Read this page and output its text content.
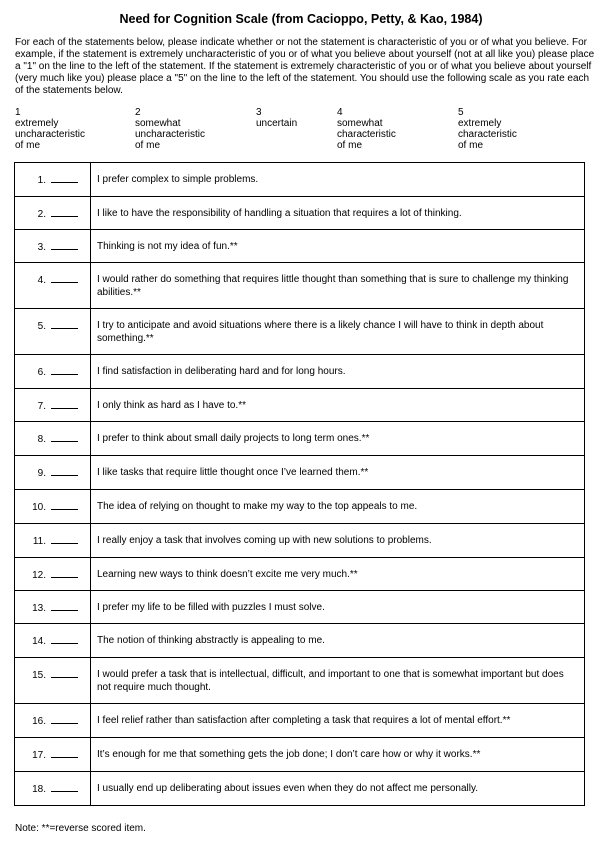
Need for Cognition Scale (from Cacioppo, Petty, & Kao, 1984)
For each of the statements below, please indicate whether or not the statement is characteristic of you or of what you believe. For example, if the statement is extremely uncharacteristic of you or of what you believe about yourself (not at all like you) please place a "1" on the line to the left of the statement. If the statement is extremely characteristic of you or of what you believe about yourself (very much like you) please place a "5" on the line to the left of the statement. You should use the following scale as you rate each of the statements below.
1
extremely
uncharacteristic
of me
2
somewhat
uncharacteristic
of me
3
uncertain
4
somewhat
characteristic
of me
5
extremely
characteristic
of me
1.	I prefer complex to simple problems.
2.	I like to have the responsibility of handling a situation that requires a lot of thinking.
3.	Thinking is not my idea of fun.**
4.	I would rather do something that requires little thought than something that is sure to challenge my thinking abilities.**
5.	I try to anticipate and avoid situations where there is a likely chance I will have to think in depth about something.**
6.	I find satisfaction in deliberating hard and for long hours.
7.	I only think as hard as I have to.**
8.	I prefer to think about small daily projects to long term ones.**
9.	I like tasks that require little thought once I’ve learned them.**
10.	The idea of relying on thought to make my way to the top appeals to me.
11.	I really enjoy a task that involves coming up with new solutions to problems.
12.	Learning new ways to think doesn’t excite me very much.**
13.	I prefer my life to be filled with puzzles I must solve.
14.	The notion of thinking abstractly is appealing to me.
15.	I would prefer a task that is intellectual, difficult, and important to one that is somewhat important but does not require much thought.
16.	I feel relief rather than satisfaction after completing a task that requires a lot of mental effort.**
17.	It’s enough for me that something gets the job done; I don’t care how or why it works.**
18.	I usually end up deliberating about issues even when they do not affect me personally.
Note: **=reverse scored item.
